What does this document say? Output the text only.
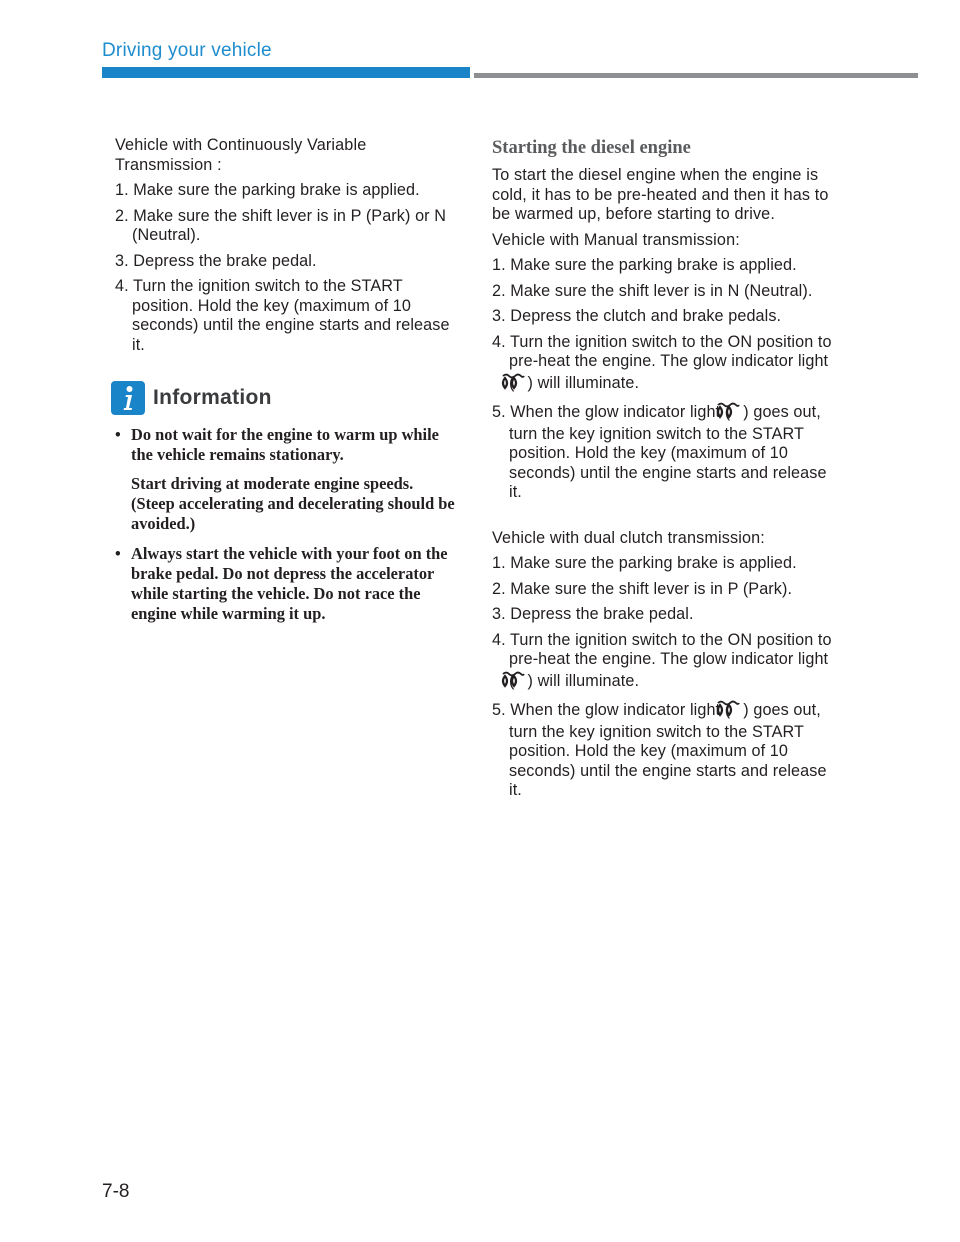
Driving your vehicle

Vehicle with Continuously Variable Transmission :

1. Make sure the parking brake is applied.

2. Make sure the shift lever is in P (Park) or N (Neutral).

3. Depress the brake pedal.

4. Turn the ignition switch to the START position. Hold the key (maximum of 10 seconds) until the engine starts and release it.

Information
• Do not wait for the engine to warm up while the vehicle remains stationary.
Start driving at moderate engine speeds. (Steep accelerating and decelerating should be avoided.)
• Always start the vehicle with your foot on the brake pedal. Do not depress the accelerator while starting the vehicle. Do not race the engine while warming it up.
Starting the diesel engine

To start the diesel engine when the engine is cold, it has to be pre-heated and then it has to be warmed up, before starting to drive.

Vehicle with Manual transmission:

1. Make sure the parking brake is applied.

2. Make sure the shift lever is in N (Neutral).

3. Depress the clutch and brake pedals.

4. Turn the ignition switch to the ON position to pre-heat the engine. The glow indicator light ( ) will illuminate.

5. When the glow indicator light ( ) goes out, turn the key ignition switch to the START position. Hold the key (maximum of 10 seconds) until the engine starts and release it.

Vehicle with dual clutch transmission:

1. Make sure the parking brake is applied.

2. Make sure the shift lever is in P (Park).

3. Depress the brake pedal.

4. Turn the ignition switch to the ON position to pre-heat the engine. The glow indicator light ( ) will illuminate.

5. When the glow indicator light ( ) goes out, turn the key ignition switch to the START position. Hold the key (maximum of 10 seconds) until the engine starts and release it.

7-8
